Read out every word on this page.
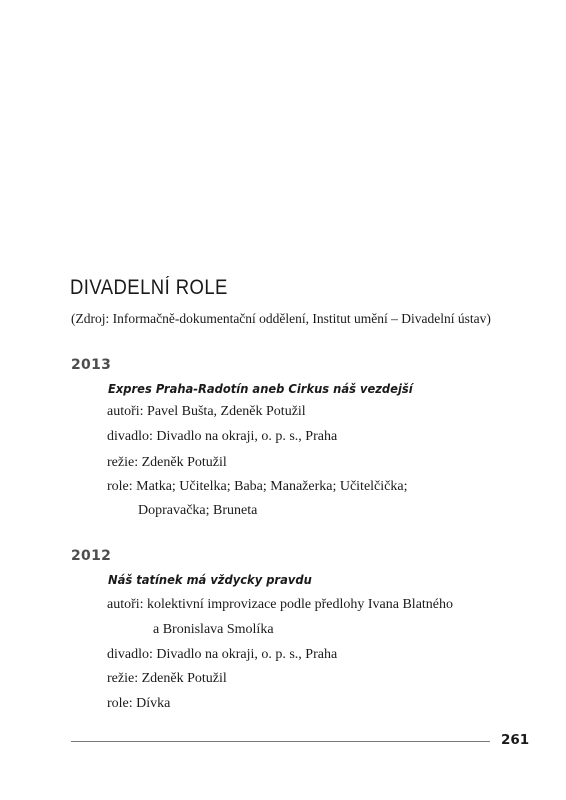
DIVADELNÍ ROLE
(Zdroj: Informačně-dokumentační oddělení, Institut umění – Divadelní ústav)
2013
Expres Praha-Radotín aneb Cirkus náš vezdejší
autoři: Pavel Bušta, Zdeněk Potužil
divadlo: Divadlo na okraji, o. p. s., Praha
režie: Zdeněk Potužil
role: Matka; Učitelka; Baba; Manažerka; Učitelčička;
Dopravačka; Bruneta
2012
Náš tatínek má vždycky pravdu
autoři: kolektivní improvizace podle předlohy Ivana Blatného
a Bronislava Smolíka
divadlo: Divadlo na okraji, o. p. s., Praha
režie: Zdeněk Potužil
role: Dívka
261
